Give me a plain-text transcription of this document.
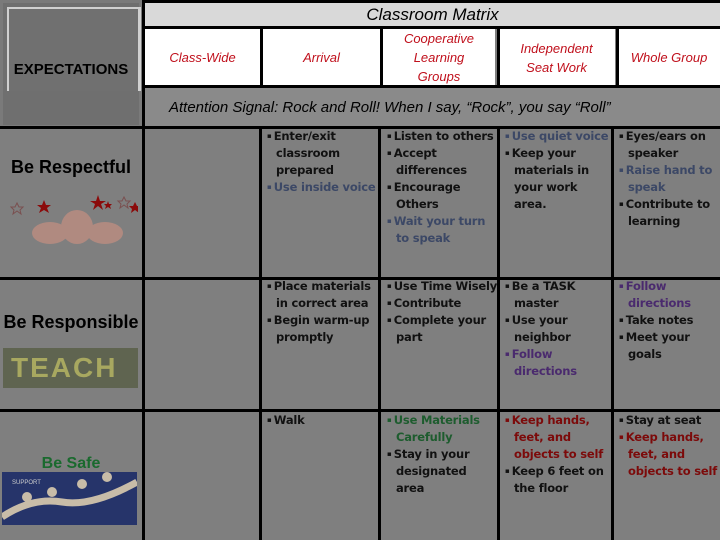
EXPECTATIONS
Classroom Matrix
Class-Wide	Arrival
Cooperative Learning Groups
Independent Seat Work
Whole Group
Attention Signal: Rock and Roll! When I say, “Rock”, you say “Roll”
Be Respectful
Be Responsible
TEACH
Be Safe
SUPPORT

▪ Enter/exit classroom prepared

▪ Use inside voice

▪ Listen to others

▪ Accept differences

▪ Encourage Others

▪ Wait your turn to speak

▪ Use quiet voice

▪ Keep your materials in your work area.

▪ Eyes/ears on speaker

▪ Raise hand to speak

▪ Contribute to learning

▪ Place materials in correct area

▪ Begin warm-up promptly

▪ Use Time Wisely

▪ Contribute

▪ Complete your part

▪ Be a TASK master

▪ Use your neighbor

▪ Follow directions

▪ Follow directions

▪ Take notes

▪ Meet your goals

▪ Walk	▪ Use Materials Carefully

▪ Stay in your designated area

▪ Keep hands, feet, and objects to self

▪ Keep 6 feet on the floor

▪ Stay at seat

▪ Keep hands, feet, and objects to self
